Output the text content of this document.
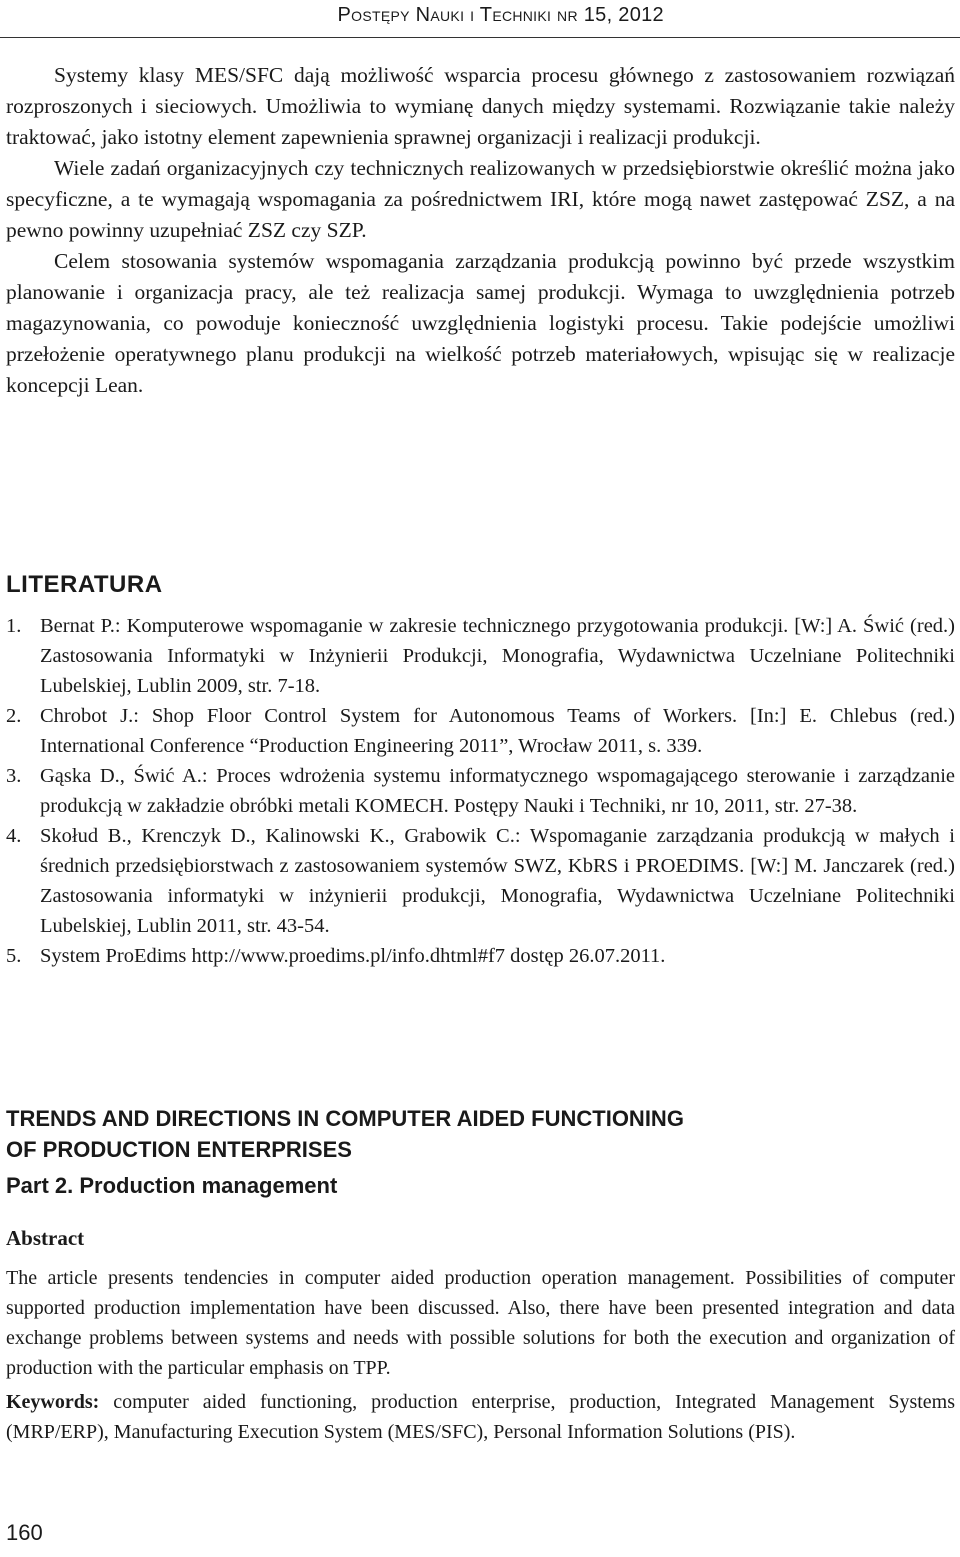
Postępy Nauki i Techniki nr 15, 2012

Systemy klasy MES/SFC dają możliwość wsparcia procesu głównego z zastosowaniem rozwiązań rozproszonych i sieciowych. Umożliwia to wymianę danych między systemami. Rozwiązanie takie należy traktować, jako istotny element zapewnienia sprawnej organizacji i realizacji produkcji.

Wiele zadań organizacyjnych czy technicznych realizowanych w przedsiębiorstwie określić można jako specyficzne, a te wymagają wspomagania za pośrednictwem IRI, które mogą nawet zastępować ZSZ, a na pewno powinny uzupełniać ZSZ czy SZP.

Celem stosowania systemów wspomagania zarządzania produkcją powinno być przede wszystkim planowanie i organizacja pracy, ale też realizacja samej produkcji. Wymaga to uwzględnienia potrzeb magazynowania, co powoduje konieczność uwzględnienia logistyki procesu. Takie podejście umożliwi przełożenie operatywnego planu produkcji na wielkość potrzeb materiałowych, wpisując się w realizacje koncepcji Lean.

LITERATURA
1. Bernat P.: Komputerowe wspomaganie w zakresie technicznego przygotowania produkcji. [W:] A. Świć (red.) Zastosowania Informatyki w Inżynierii Produkcji, Monografia, Wydawnictwa Uczelniane Politechniki Lubelskiej, Lublin 2009, str. 7-18.
2. Chrobot J.: Shop Floor Control System for Autonomous Teams of Workers. [In:] E. Chlebus (red.) International Conference “Production Engineering 2011”, Wrocław 2011, s. 339.
3. Gąska D., Świć A.: Proces wdrożenia systemu informatycznego wspomagającego sterowanie i zarządzanie produkcją w zakładzie obróbki metali KOMECH. Postępy Nauki i Techniki, nr 10, 2011, str. 27-38.
4. Skołud B., Krenczyk D., Kalinowski K., Grabowik C.: Wspomaganie zarządzania produkcją w małych i średnich przedsiębiorstwach z zastosowaniem systemów SWZ, KbRS i PROEDIMS. [W:] M. Janczarek (red.) Zastosowania informatyki w inżynierii produkcji, Monografia, Wydawnictwa Uczelniane Politechniki Lubelskiej, Lublin 2011, str. 43-54.
5. System ProEdims http://www.proedims.pl/info.dhtml#f7 dostęp 26.07.2011.
TRENDS AND DIRECTIONS IN COMPUTER AIDED FUNCTIONING
OF PRODUCTION ENTERPRISES
Part 2. Production management
Abstract

The article presents tendencies in computer aided production operation management. Possibilities of computer supported production implementation have been discussed. Also, there have been presented integration and data exchange problems between systems and needs with possible solutions for both the execution and organization of production with the particular emphasis on TPP.

Keywords: computer aided functioning, production enterprise, production, Integrated Management Systems (MRP/ERP), Manufacturing Execution System (MES/SFC), Personal Information Solutions (PIS).

160
